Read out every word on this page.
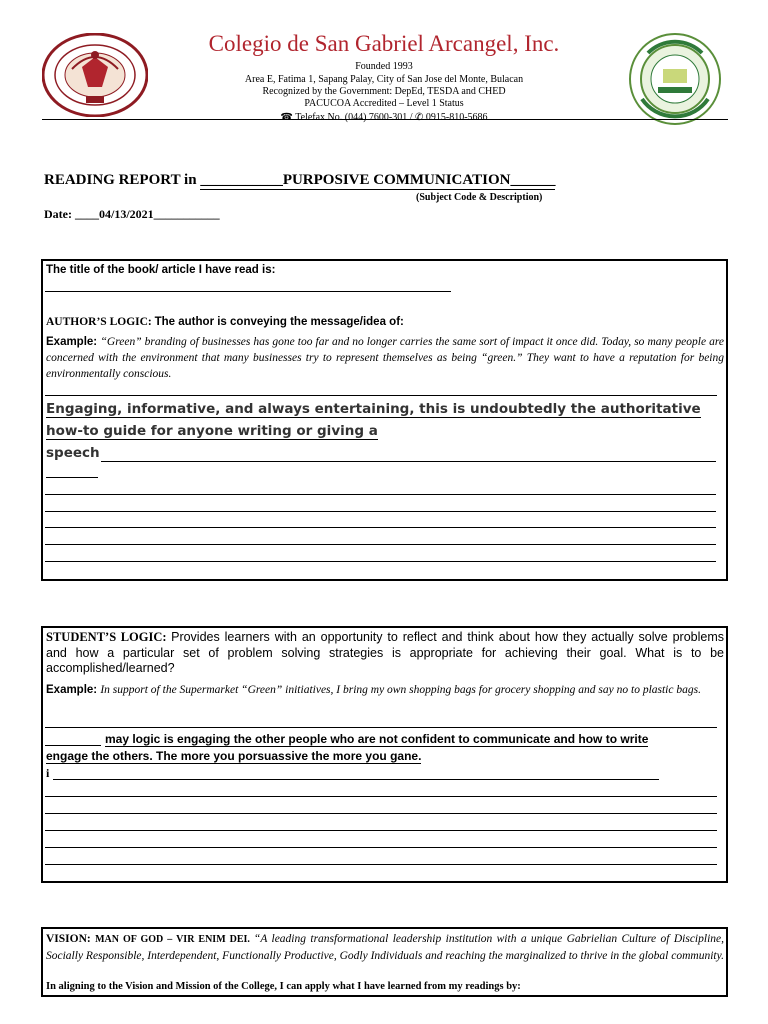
Colegio de San Gabriel Arcangel, Inc.
Founded 1993
Area E, Fatima 1, Sapang Palay, City of San Jose del Monte, Bulacan
Recognized by the Government: DepEd, TESDA and CHED
PACUCOA Accredited – Level 1 Status
☎ Telefax No. (044) 7600-301 / ✆ 0915-810-5686
READING REPORT in ___________PURPOSIVE COMMUNICATION______
(Subject Code & Description)
Date: ____04/13/2021___________
The title of the book/ article I have read is:
AUTHOR’S LOGIC: The author is conveying the message/idea of:
Example: “Green” branding of businesses has gone too far and no longer carries the same sort of impact it once did. Today, so many people are concerned with the environment that many businesses try to represent themselves as being “green.” They want to have a reputation for being environmentally conscious.
Engaging, informative, and always entertaining, this is undoubtedly the authoritative
how-to guide for anyone writing or giving a
speech
STUDENT’S LOGIC: Provides learners with an opportunity to reflect and think about how they actually solve problems and how a particular set of problem solving strategies is appropriate for achieving their goal. What is to be accomplished/learned?
Example: In support of the Supermarket “Green” initiatives, I bring my own shopping bags for grocery shopping and say no to plastic bags.
may logic is engaging the other people who are not confident to communicate and how to write
engage the others. The more you porsuassive the more you gane.
i
VISION: MAN OF GOD – VIR ENIM DEI. “A leading transformational leadership institution with a unique Gabrielian Culture of Discipline, Socially Responsible, Interdependent, Functionally Productive, Godly Individuals and reaching the marginalized to thrive in the global community.
In aligning to the Vision and Mission of the College, I can apply what I have learned from my readings by:
